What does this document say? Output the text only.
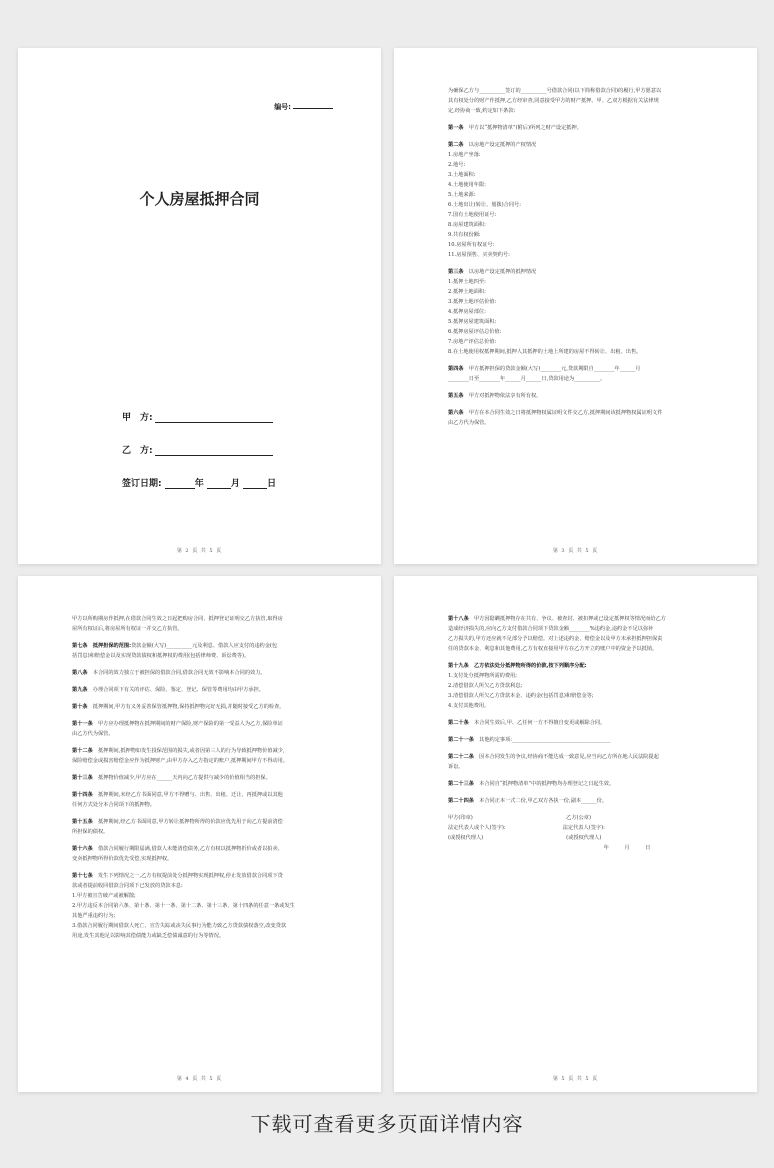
编号:
个人房屋抵押合同
甲　方:
乙　方:
签订日期:	年	月	日
第 2 页 共 5 页

为确保乙方与__________签订的__________号借款合同(以下简称借款合同)的履行,甲方愿意以

其有权处分的财产作抵押,乙方经审查,同意接受甲方的财产抵押。甲、乙双方根据有关法律规

定,经协商一致,约定如下条款:

第一条　甲方以“抵押物清单”(附后)所列之财产设定抵押。

第二条　以房地产设定抵押的产权情况

1.房地产坐落:

2.地号:

3.土地面积:

4.土地使用年限:

5.土地来源:

6.土地出让(转让、划拨)合同号:

7.国有土地使用证号:

8.房屋建筑面积:

9.共有权份额:

10.房屋所有权证号:

11.房屋预售、买卖契约号:

第三条　以房地产设定抵押的抵押情况

1.抵押土地四至:

2.抵押土地面积:

3.抵押土地评估价值:

4.抵押房屋部位:

5.抵押房屋建筑面积:

6.抵押房屋评估总价值:

7.房地产评估总价值:

8.在土地使用权抵押期间,抵押人其抵押的土地上所建的房屋不得转让、出租、出售。

第四条　甲方抵押担保的贷款金额(大写)________元,贷款期限自________年______月

________日至________年______月______日,贷款用途为__________。

第五条　甲方对抵押物依法享有所有权。

第六条　甲方在本合同生效之日将抵押物权属证明文件交乙方,抵押期间该抵押物权属证明文件

由乙方代为保管。

第 3 页 共 5 页

甲方以所购期房作抵押,在借款合同生效之日起把购房合同、抵押登记证明交乙方执管,取得房

屋所有权证后,将房屋所有权证一并交乙方执管。

第七条　抵押担保的范围:贷款金额(大写)__________元及利息、借款人应支付的违约金(包

括罚息)和赔偿金以及实现贷款债权和抵押权的费用(包括律师费、诉讼费等)。

第八条　本合同的效力独立于被担保的借款合同,借款合同无效不影响本合同的效力。

第九条　办理合同项下有关的评估、保险、鉴定、登记、保管等费用均由甲方承担。

第十条　抵押期间,甲方有义务妥善保管抵押物,保持抵押物完好无损,并随时接受乙方的检查。

第十一条　甲方应办理抵押物在抵押期间的财产保险,财产保险的第一受益人为乙方,保险单证

由乙方代为保管。

第十二条　抵押期间,抵押物如发生投保范围的损失,或者因第三人的行为导致抵押物价值减少,

保险赔偿金或损害赔偿金应作为抵押财产,由甲方存入乙方指定的账户,抵押期间甲方不得动用。

第十三条　抵押物价值减少,甲方应在______天内向乙方提供与减少的价值相当的担保。

第十四条　抵押期间,未经乙方书面同意,甲方不得赠与、出售、出租、迁让、再抵押或以其他

任何方式处分本合同项下的抵押物。

第十五条　抵押期间,经乙方书面同意,甲方转让抵押物所得的价款应优先用于向乙方提前清偿

所担保的债权。

第十六条　借款合同履行期限届满,借款人未能清偿债务,乙方有权以抵押物折价或者以拍卖、

变卖抵押物所得价款优先受偿,实现抵押权。

第十七条　发生下列情况之一,乙方有权提前处分抵押物实现抵押权,停止发放借款合同项下贷

款或者提前收回借款合同项下已发放的贷款本息:

1.甲方被宣告破产或被解散;

2.甲方违反本合同第六条、第十条、第十一条、第十二条、第十三条、第十四条的任意一条或发生

其他严重违约行为;

3.借款合同履行期间借款人死亡、宣告失踪或丧失民事行为能力致乙方贷款债权落空,改变贷款

用途,发生其他足以影响其偿债能力或缺乏偿债诚意的行为等情况。

第 4 页 共 5 页

第十八条　甲方因隐瞒抵押物存在共有、争议、被查封、被扣押或已设定抵押权等情况而给乙方

造成经济损失的,应向乙方支付借款合同项下贷款金额________%违约金,违约金不足以弥补

乙方损失的,甲方还应就不足部分予以赔偿。对上述违约金、赔偿金以及甲方未承担抵押担保责

任的贷款本金、利息和其他费用,乙方有权直接用甲方在乙方开立的账户中的资金予以抵销。

第十九条　乙方依法处分抵押物所得的价款,按下列顺序分配:

1.支付处分抵押物所需的费用;

2.清偿借款人所欠乙方贷款利息;

3.清偿借款人所欠乙方贷款本金、违约金(包括罚息)和赔偿金等;

4.支付其他费用。

第二十条　本合同生效后,甲、乙任何一方不得擅自变更或解除合同。

第二十一条　其他约定事项:______________________________________

第二十二条　因本合同发生的争议,经协商不能达成一致意见,应当向乙方所在地人民法院提起

诉讼。

第二十三条　本合同自“抵押物清单”中的抵押物均办理登记之日起生效。

第二十四条　本合同正本一式二份,甲乙双方各执一份,副本______份。

甲方(印章)　　　　　　　　　　　　　　　　　　乙方(公章)

法定代表人或个人(签字):　　　　　　　　　　　法定代表人(签字):

(或授权代理人)　　　　　　　　　　　　　　　　(或授权代理人)

　　　　　　　　　　　　　　　　　　　　　　　　　　　　　　年　　　月　　　日

第 5 页 共 5 页
下载可查看更多页面详情内容
